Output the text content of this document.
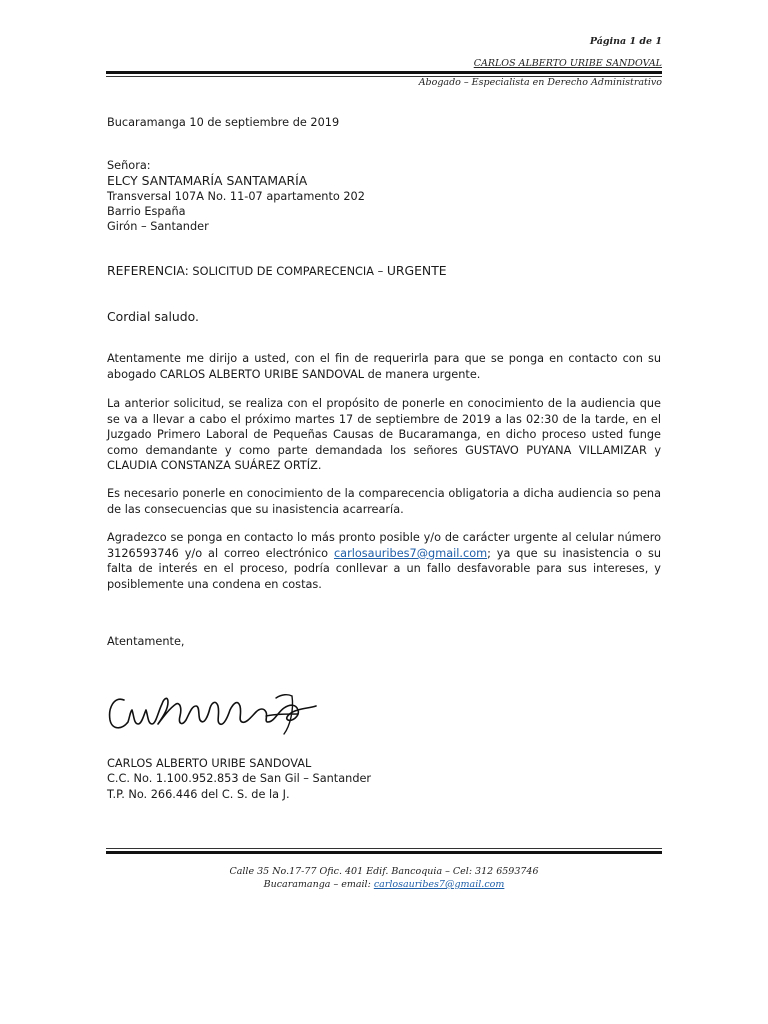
Página 1 de 1
CARLOS ALBERTO URIBE SANDOVAL
Abogado – Especialista en Derecho Administrativo
Bucaramanga 10 de septiembre de 2019
Señora:
ELCY SANTAMARÍA SANTAMARÍA
Transversal 107A No. 11-07 apartamento 202
Barrio España
Girón – Santander
REFERENCIA: SOLICITUD DE COMPARECENCIA – URGENTE
Cordial saludo.
Atentamente me dirijo a usted, con el fin de requerirla para que se ponga en contacto con su abogado CARLOS ALBERTO URIBE SANDOVAL de manera urgente.
La anterior solicitud, se realiza con el propósito de ponerle en conocimiento de la audiencia que se va a llevar a cabo el próximo martes 17 de septiembre de 2019 a las 02:30 de la tarde, en el Juzgado Primero Laboral de Pequeñas Causas de Bucaramanga, en dicho proceso usted funge como demandante y como parte demandada los señores GUSTAVO PUYANA VILLAMIZAR y CLAUDIA CONSTANZA SUÁREZ ORTÍZ.
Es necesario ponerle en conocimiento de la comparecencia obligatoria a dicha audiencia so pena de las consecuencias que su inasistencia acarrearía.
Agradezco se ponga en contacto lo más pronto posible y/o de carácter urgente al celular número 3126593746 y/o al correo electrónico carlosauribes7@gmail.com; ya que su inasistencia o su falta de interés en el proceso, podría conllevar a un fallo desfavorable para sus intereses, y posiblemente una condena en costas.
Atentamente,
CARLOS ALBERTO URIBE SANDOVAL
C.C. No. 1.100.952.853 de San Gil – Santander
T.P. No. 266.446 del C. S. de la J.
Calle 35 No.17-77 Ofic. 401 Edif. Bancoquia – Cel: 312 6593746
Bucaramanga – email: carlosauribes7@gmail.com
